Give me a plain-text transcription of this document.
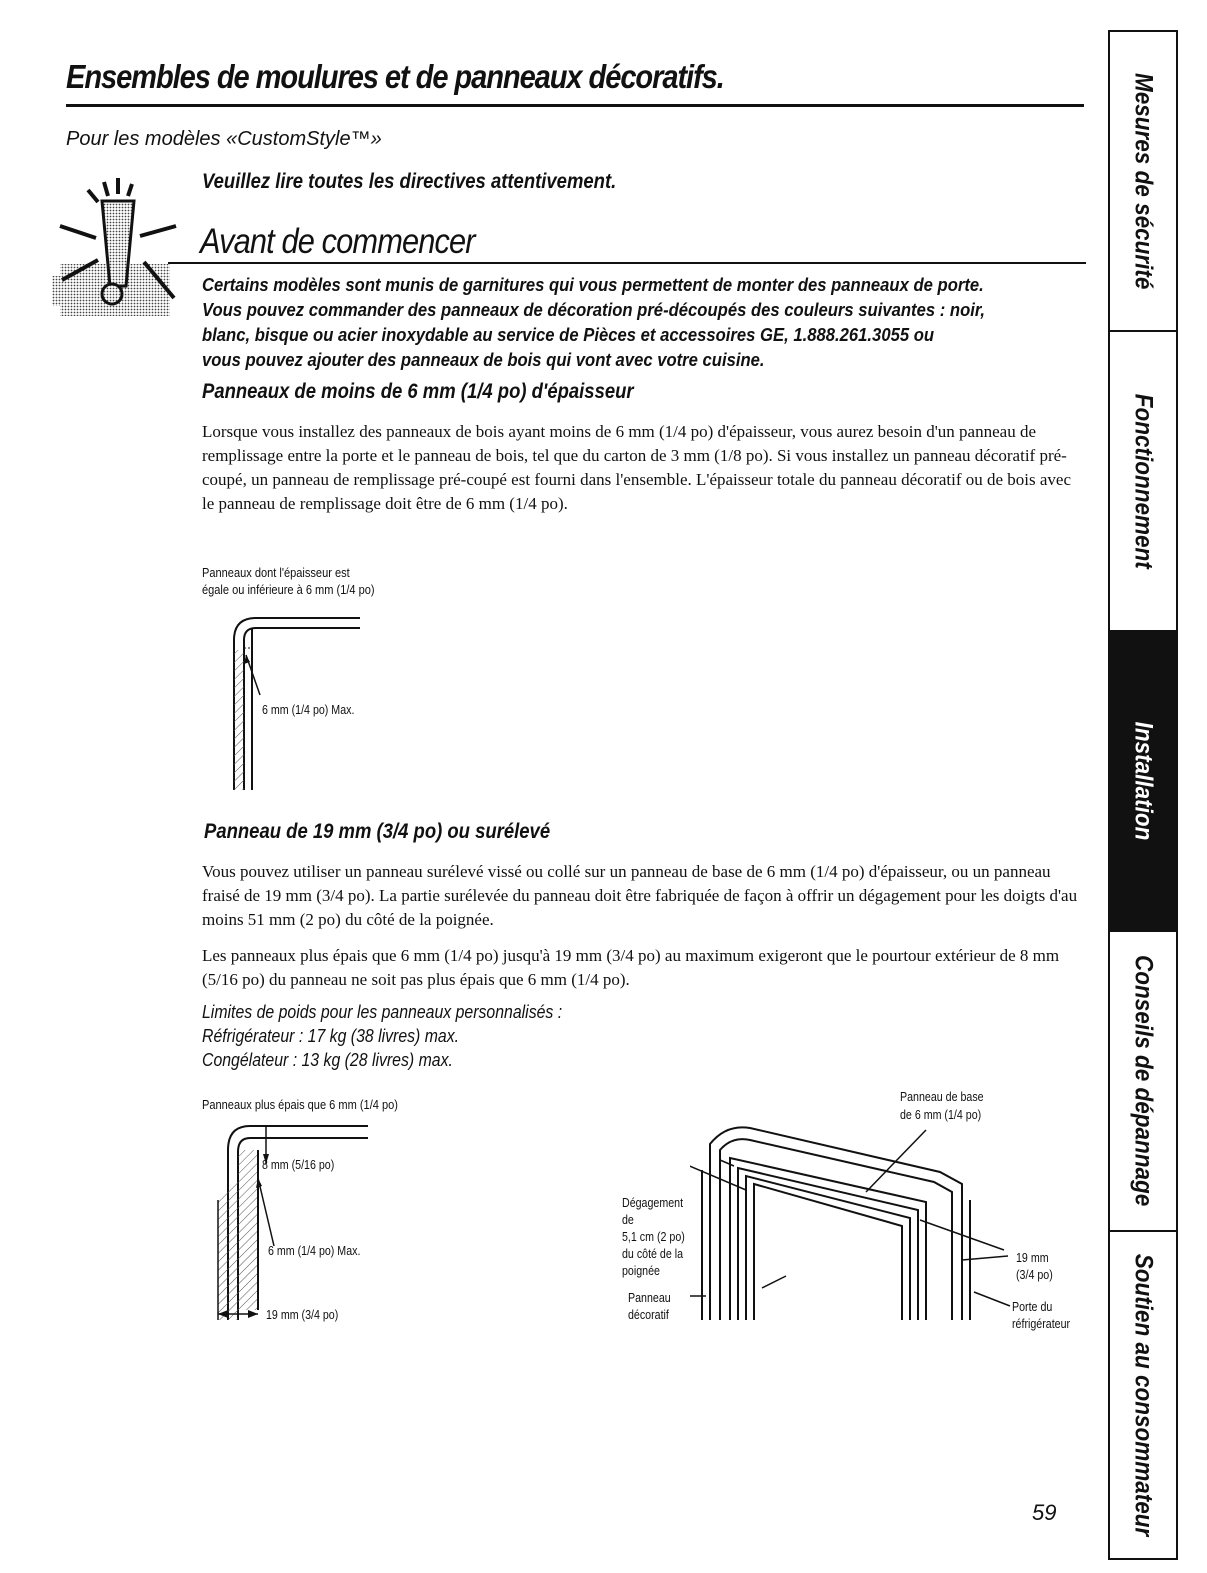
Ensembles de moulures et de panneaux décoratifs.
Pour les modèles «CustomStyle™»
Veuillez lire toutes les directives attentivement.
Avant de commencer
Certains modèles sont munis de garnitures qui vous permettent de monter des panneaux de porte.
Vous pouvez commander des panneaux de décoration pré-découpés des couleurs suivantes : noir,
blanc, bisque ou acier inoxydable au service de Pièces et accessoires GE, 1.888.261.3055 ou
vous pouvez ajouter des panneaux de bois qui vont avec votre cuisine.
Panneaux de moins de 6 mm (1/4 po) d'épaisseur

Lorsque vous installez des panneaux de bois ayant moins de 6 mm (1/4 po) d'épaisseur, vous aurez besoin d'un panneau de remplissage entre la porte et le panneau de bois, tel que du carton de 3 mm (1/8 po). Si vous installez un panneau décoratif pré-coupé, un panneau de remplissage pré-coupé est fourni dans l'ensemble. L'épaisseur totale du panneau décoratif ou de bois avec le panneau de remplissage doit être de 6 mm (1/4 po).

Panneaux dont l'épaisseur est
égale ou inférieure à 6 mm (1/4 po)
6 mm (1/4 po) Max.
Panneau de 19 mm (3/4 po) ou surélevé

Vous pouvez utiliser un panneau surélevé vissé ou collé sur un panneau de base de 6 mm (1/4 po) d'épaisseur, ou un panneau fraisé de 19 mm (3/4 po). La partie surélevée du panneau doit être fabriquée de façon à offrir un dégagement pour les doigts d'au moins 51 mm (2 po) du côté de la poignée.

Les panneaux plus épais que 6 mm (1/4 po) jusqu'à 19 mm (3/4 po) au maximum exigeront que le pourtour extérieur de 8 mm (5/16 po) du panneau ne soit pas plus épais que 6 mm (1/4 po).

Limites de poids pour les panneaux personnalisés :
Réfrigérateur : 17 kg (38 livres) max.
Congélateur : 13 kg (28 livres) max.
Panneaux plus épais que 6 mm (1/4 po)
8 mm (5/16 po)
6 mm (1/4 po) Max.
19 mm (3/4 po)
Panneau de base
de 6 mm (1/4 po)
Dégagement
de
5,1 cm (2 po)
du côté de la
poignée
Panneau
décoratif
19 mm
(3/4 po)
Porte du
réfrigérateur
Mesures de sécurité
Fonctionnement
Installation
Conseils de dépannage
Soutien au consommateur
59
